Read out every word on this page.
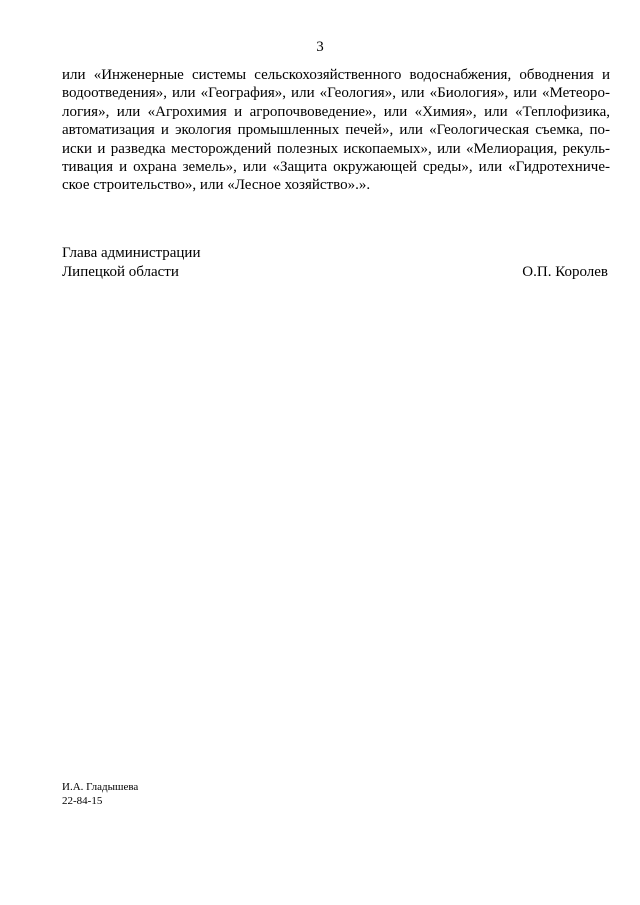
3

или «Инженерные системы сельскохозяйственного водоснабжения, обводнения и водоотведения», или «География», или «Геология», или «Биология», или «Метеорология», или «Агрохимия и агропочвоведение», или «Химия», или «Теплофизика, автоматизация и экология промышленных печей», или «Геологическая съемка, поиски и разведка месторождений полезных ископаемых», или «Мелиорация, рекультивация и охрана земель», или «Защита окружающей среды», или «Гидротехническое строительство», или «Лесное хозяйство».».

Глава администрации
Липецкой области	О.П. Королев
И.А. Гладышева
22-84-15
